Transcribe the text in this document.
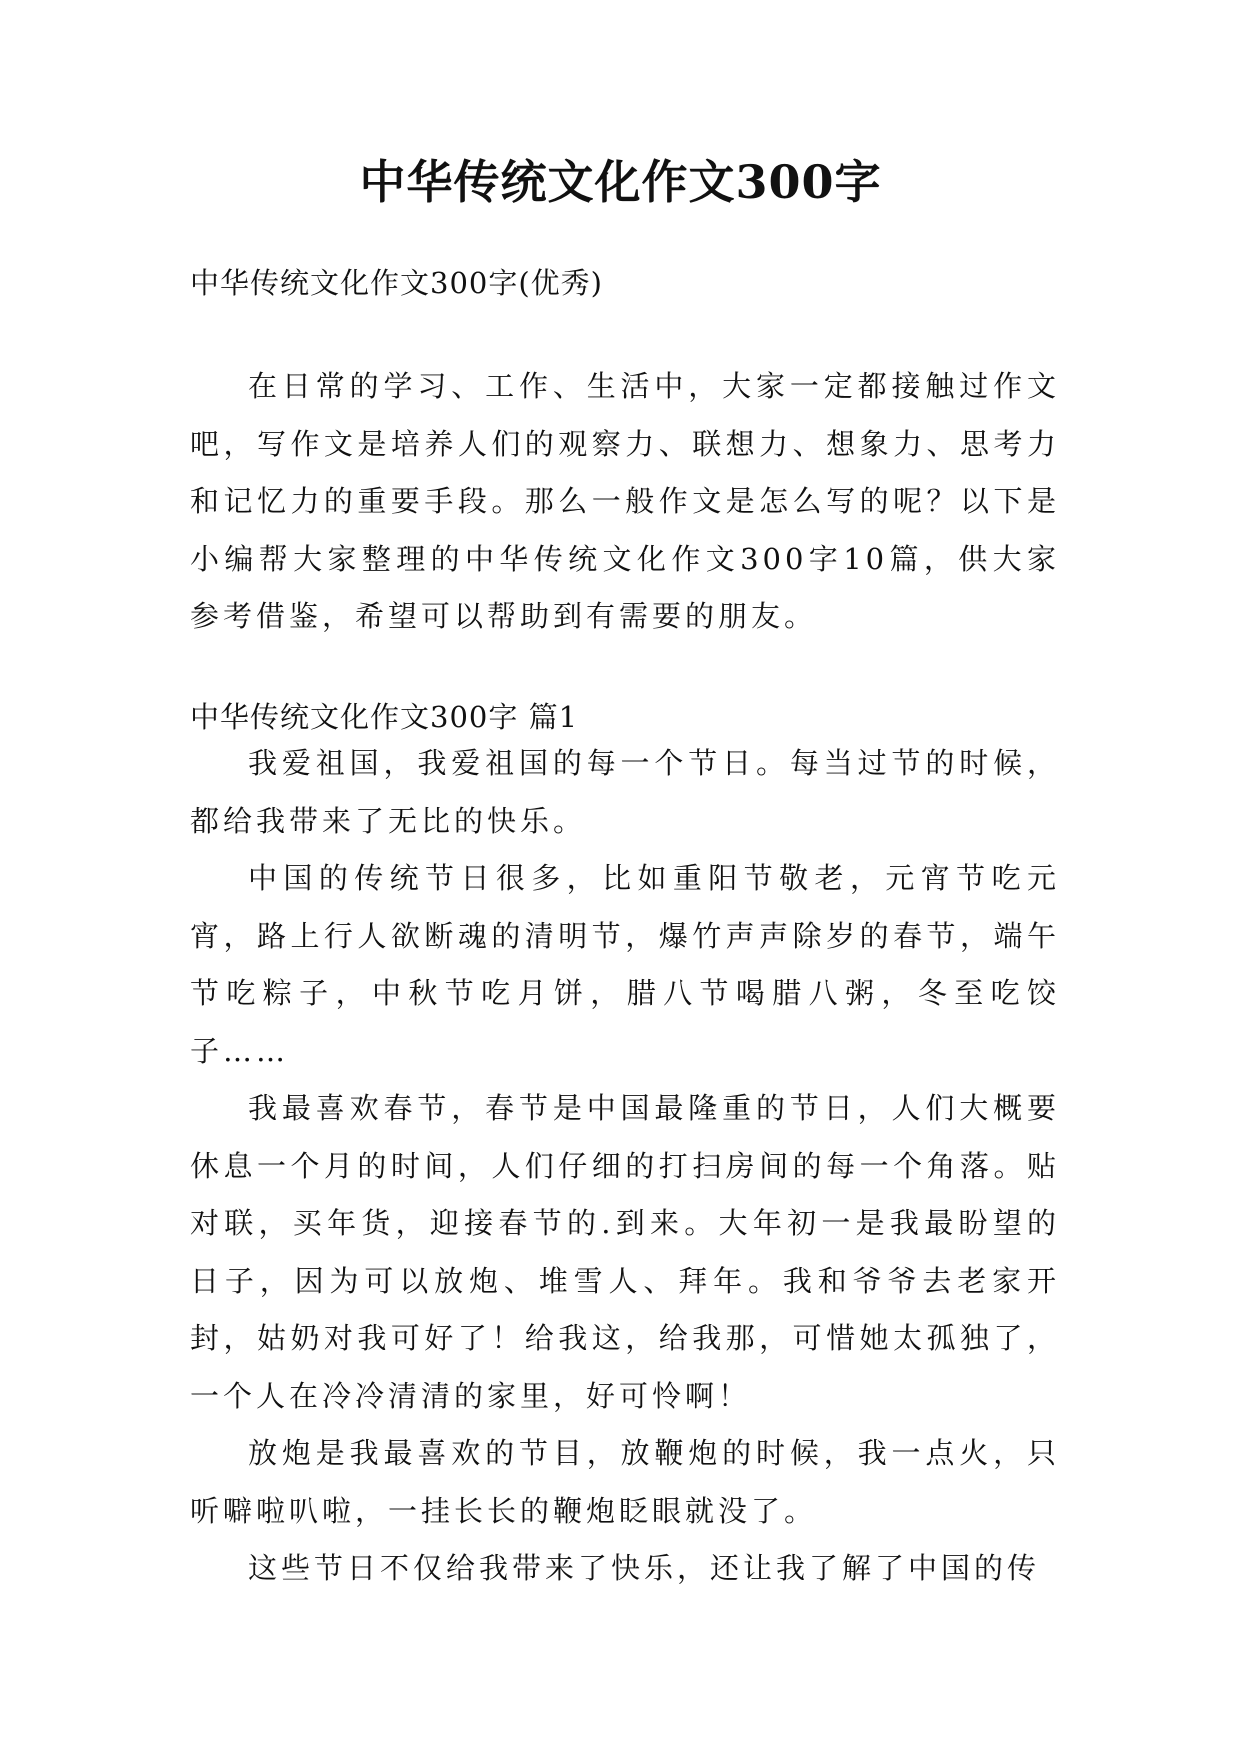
中华传统文化作文300字

中华传统文化作文300字(优秀)

在日常的学习、工作、生活中，大家一定都接触过作文吧，写作文是培养人们的观察力、联想力、想象力、思考力和记忆力的重要手段。那么一般作文是怎么写的呢？以下是小编帮大家整理的中华传统文化作文300字10篇，供大家参考借鉴，希望可以帮助到有需要的朋友。

中华传统文化作文300字 篇1

我爱祖国，我爱祖国的每一个节日。每当过节的时候，都给我带来了无比的快乐。

中国的传统节日很多，比如重阳节敬老，元宵节吃元宵，路上行人欲断魂的清明节，爆竹声声除岁的春节，端午节吃粽子，中秋节吃月饼，腊八节喝腊八粥，冬至吃饺子……

我最喜欢春节，春节是中国最隆重的节日，人们大概要休息一个月的时间，人们仔细的打扫房间的每一个角落。贴对联，买年货，迎接春节的.到来。大年初一是我最盼望的日子，因为可以放炮、堆雪人、拜年。我和爷爷去老家开封，姑奶对我可好了！给我这，给我那，可惜她太孤独了，一个人在冷冷清清的家里，好可怜啊！

放炮是我最喜欢的节目，放鞭炮的时候，我一点火，只听噼啦叭啦，一挂长长的鞭炮眨眼就没了。

这些节日不仅给我带来了快乐，还让我了解了中国的传
